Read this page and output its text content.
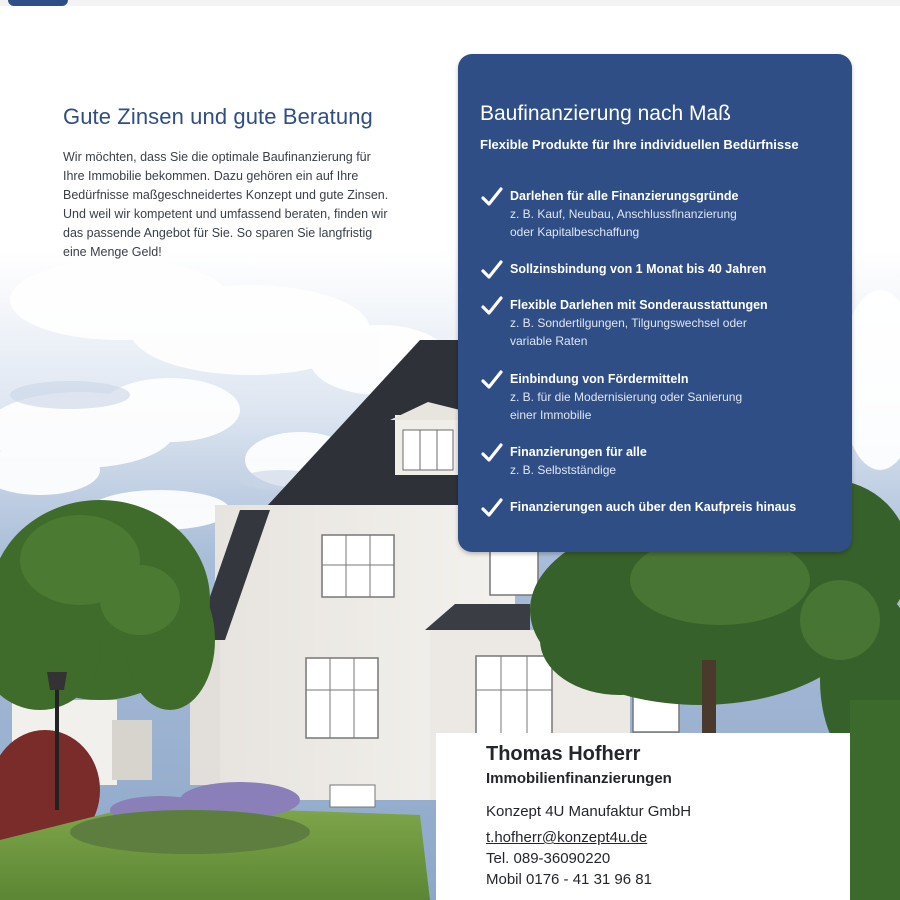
Gute Zinsen und gute Beratung
Wir möchten, dass Sie die optimale Baufinanzierung für
Ihre Immobilie bekommen. Dazu gehören ein auf Ihre
Bedürfnisse maßgeschneidertes Konzept und gute Zinsen.
Und weil wir kompetent und umfassend beraten, finden wir
das passende Angebot für Sie. So sparen Sie langfristig
eine Menge Geld!
Baufinanzierung nach Maß
Flexible Produkte für Ihre individuellen Bedürfnisse
Darlehen für alle Finanzierungsgründe
z. B. Kauf, Neubau, Anschlussfinanzierung
oder Kapitalbeschaffung
Sollzinsbindung von 1 Monat bis 40 Jahren
Flexible Darlehen mit Sonderausstattungen
z. B. Sondertilgungen, Tilgungswechsel oder
variable Raten
Einbindung von Fördermitteln
z. B. für die Modernisierung oder Sanierung
einer Immobilie
Finanzierungen für alle
z. B. Selbstständige
Finanzierungen auch über den Kaufpreis hinaus
Thomas Hofherr
Immobilienfinanzierungen
Konzept 4U Manufaktur GmbH
t.hofherr@konzept4u.de
Tel. 089-36090220
Mobil 0176 - 41 31 96 81
